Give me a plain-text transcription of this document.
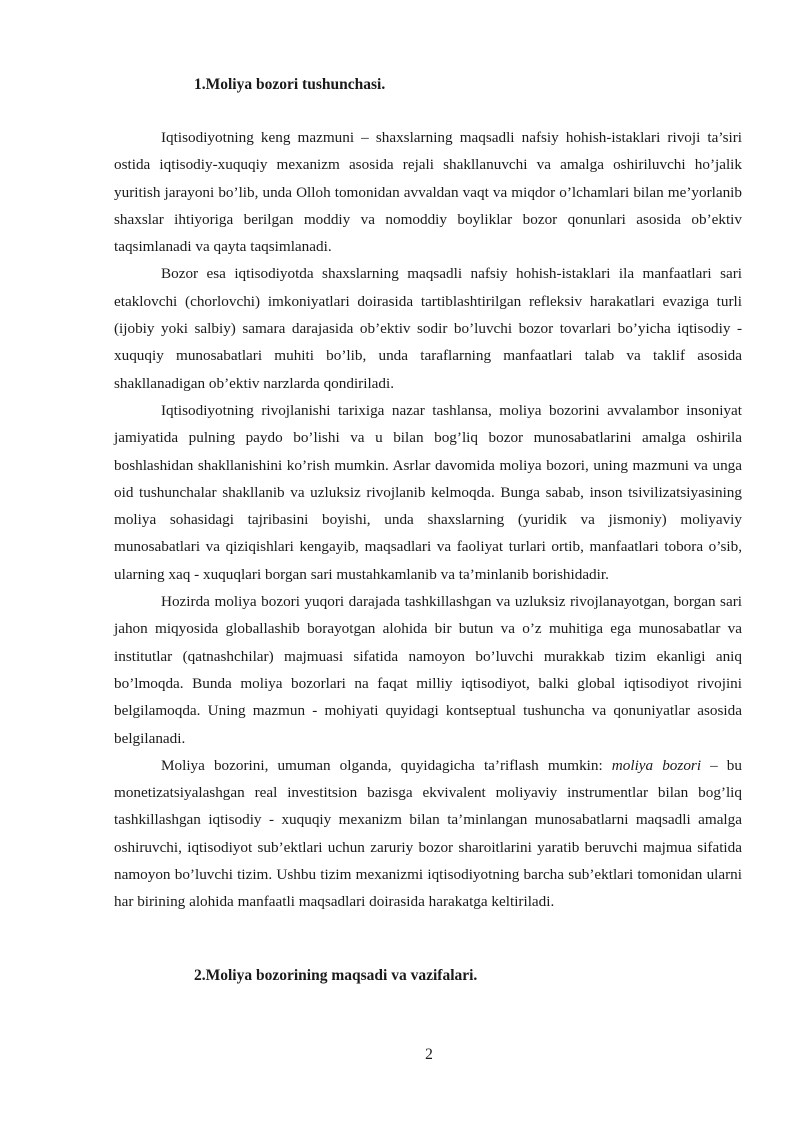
1.Moliya bozori tushunchasi.

Iqtisodiyotning keng mazmuni – shaxslarning maqsadli nafsiy hohish-istaklari rivoji ta’siri ostida iqtisodiy-xuquqiy mexanizm asosida rejali shakllanuvchi va amalga oshiriluvchi ho’jalik yuritish jarayoni bo’lib, unda Olloh tomonidan avvaldan vaqt va miqdor o’lchamlari bilan me’yorlanib shaxslar ihtiyoriga berilgan moddiy va nomoddiy boyliklar bozor qonunlari asosida ob’ektiv taqsimlanadi va qayta taqsimlanadi.

Bozor esa iqtisodiyotda shaxslarning maqsadli nafsiy hohish-istaklari ila manfaatlari sari etaklovchi (chorlovchi) imkoniyatlari doirasida tartiblashtirilgan refleksiv harakatlari evaziga turli (ijobiy yoki salbiy) samara darajasida ob’ektiv sodir bo’luvchi bozor tovarlari bo’yicha iqtisodiy - xuquqiy munosabatlari muhiti bo’lib, unda taraflarning manfaatlari talab va taklif asosida shakllanadigan ob’ektiv narzlarda qondiriladi.

Iqtisodiyotning rivojlanishi tarixiga nazar tashlansa, moliya bozorini avvalambor insoniyat jamiyatida pulning paydo bo’lishi va u bilan bog’liq bozor munosabatlarini amalga oshirila boshlashidan shakllanishini ko’rish mumkin. Asrlar davomida moliya bozori, uning mazmuni va unga oid tushunchalar shakllanib va uzluksiz rivojlanib kelmoqda. Bunga sabab, inson tsivilizatsiyasining moliya sohasidagi tajribasini boyishi, unda shaxslarning (yuridik va jismoniy) moliyaviy munosabatlari va qiziqishlari kengayib, maqsadlari va faoliyat turlari ortib, manfaatlari tobora o’sib, ularning xaq - xuquqlari borgan sari mustahkamlanib va ta’minlanib borishidadir.

Hozirda moliya bozori yuqori darajada tashkillashgan va uzluksiz rivojlanayotgan, borgan sari jahon miqyosida globallashib borayotgan alohida bir butun va o’z muhitiga ega munosabatlar va institutlar (qatnashchilar) majmuasi sifatida namoyon bo’luvchi murakkab tizim ekanligi aniq bo’lmoqda. Bunda moliya bozorlari na faqat milliy iqtisodiyot, balki global iqtisodiyot rivojini belgilamoqda. Uning mazmun - mohiyati quyidagi kontseptual tushuncha va qonuniyatlar asosida belgilanadi.

Moliya bozorini, umuman olganda, quyidagicha ta’riflash mumkin: moliya bozori – bu monetizatsiyalashgan real investitsion bazisga ekvivalent moliyaviy instrumentlar bilan bog’liq tashkillashgan iqtisodiy - xuquqiy mexanizm bilan ta’minlangan munosabatlarni maqsadli amalga oshiruvchi, iqtisodiyot sub’ektlari uchun zaruriy bozor sharoitlarini yaratib beruvchi majmua sifatida namoyon bo’luvchi tizim. Ushbu tizim mexanizmi iqtisodiyotning barcha sub’ektlari tomonidan ularni har birining alohida manfaatli maqsadlari doirasida harakatga keltiriladi.

2.Moliya bozorining maqsadi va vazifalari.
2
